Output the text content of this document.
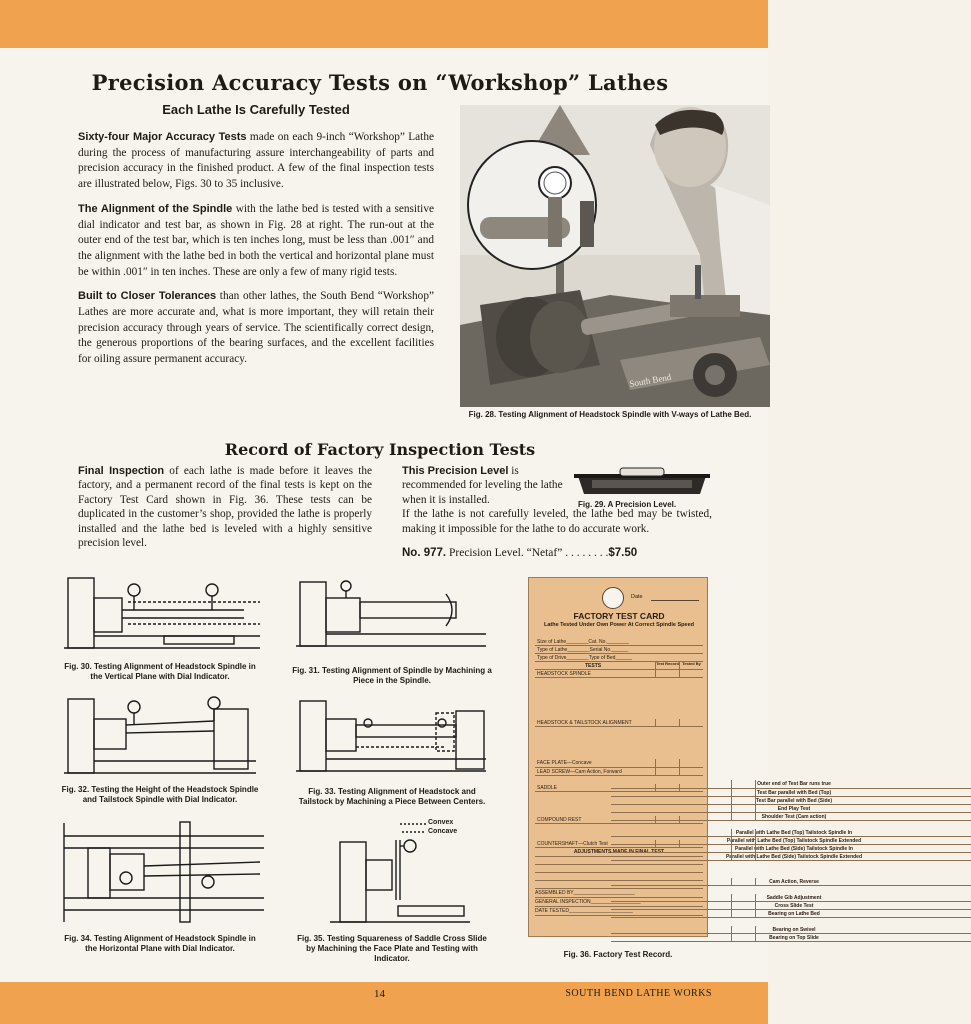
Precision Accuracy Tests on “Workshop” Lathes
Each Lathe Is Carefully Tested

Sixty-four Major Accuracy Tests made on each 9-inch “Workshop” Lathe during the process of manufacturing assure interchangeability of parts and precision accuracy in the finished product. A few of the final inspection tests are illustrated below, Figs. 30 to 35 inclusive.

The Alignment of the Spindle with the lathe bed is tested with a sensitive dial indicator and test bar, as shown in Fig. 28 at right. The run-out at the outer end of the test bar, which is ten inches long, must be less than .001″ and the alignment with the lathe bed in both the vertical and horizontal plane must be within .001″ in ten inches. These are only a few of many rigid tests.

Built to Closer Tolerances than other lathes, the South Bend “Workshop” Lathes are more accurate and, what is more important, they will retain their precision accuracy through years of service. The scientifically correct design, the generous proportions of the bearing surfaces, and the excellent facilities for oiling assure permanent accuracy.

South Bend
Fig. 28. Testing Alignment of Headstock Spindle with V-ways of Lathe Bed.
Record of Factory Inspection Tests
Final Inspection of each lathe is made before it leaves the factory, and a permanent record of the final tests is kept on the Factory Test Card shown in Fig. 36. These tests can be duplicated in the customer’s shop, provided the lathe is properly installed and the lathe bed is leveled with a highly sensitive precision level.
This Precision Level is recommended for leveling the lathe when it is installed.
If the lathe is not carefully leveled, the lathe bed may be twisted, making it impossible for the lathe to do accurate work.
Fig. 29. A Precision Level.
No. 977. Precision Level. “Netaf” . . . . . . . .$7.50
Fig. 30. Testing Alignment of Headstock Spindle in the Vertical Plane with Dial Indicator.
Fig. 31. Testing Alignment of Spindle by Machining a Piece in the Spindle.
Fig. 32. Testing the Height of the Headstock Spindle and Tailstock Spindle with Dial Indicator.
Fig. 33. Testing Alignment of Headstock and Tailstock by Machining a Piece Between Centers.
Fig. 34. Testing Alignment of Headstock Spindle in the Horizontal Plane with Dial Indicator.
Convex
Concave
Fig. 35. Testing Squareness of Saddle Cross Slide by Machining the Face Plate and Testing with Indicator.
Date
FACTORY TEST CARD
Lathe Tested Under Own Power At Correct Spindle Speed
Size of Lathe________Cat. No.________
Type of Lathe________Serial No.______
Type of Drive________Type of Bed______
TESTS	Test Record Tested By
HEADSTOCK SPINDLE
Outer end of Test Bar runs true
Test Bar parallel with Bed (Top)
Test Bar parallel with Bed (Side)
End Play Test
Shoulder Test (Cam action)
HEADSTOCK & TAILSTOCK ALIGNMENT
Parallel with Lathe Bed (Top) Tailstock Spindle In
Parallel with Lathe Bed (Top) Tailstock Spindle Extended
Parallel with Lathe Bed (Side) Tailstock Spindle In
Parallel with Lathe Bed (Side) Tailstock Spindle Extended
FACE PLATE—Concave
LEAD SCREW—Cam Action, Forward
Cam Action, Reverse
SADDLE
Saddle Gib Adjustment
Cross Slide Test
Bearing on Lathe Bed
COMPOUND REST
Bearing on Swivel
Bearing on Top Slide
COUNTERSHAFT—Clutch Test
ADJUSTMENTS MADE IN FINAL TEST
ASSEMBLED BY______________________
GENERAL INSPECTION__________________
DATE TESTED_______________________
Fig. 36. Factory Test Record.
14	SOUTH BEND LATHE WORKS
